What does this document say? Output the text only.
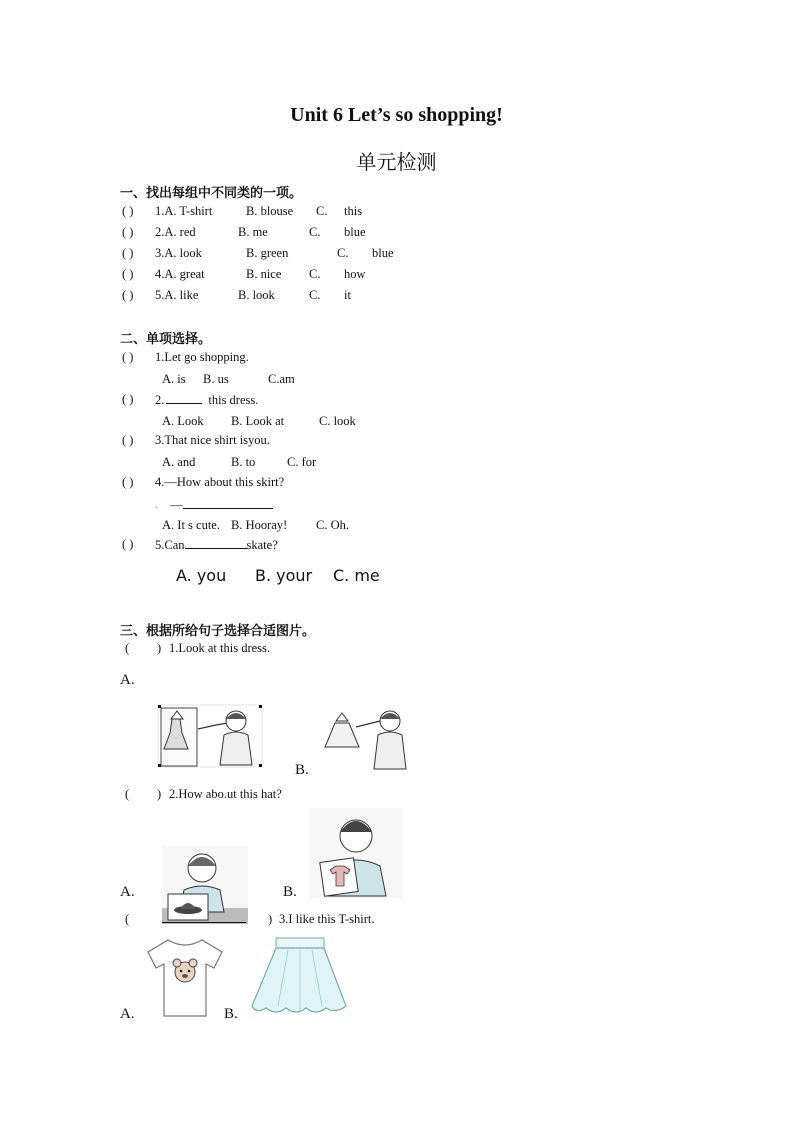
Unit 6 Let’s so shopping!
单元检测
一、找出每组中不同类的一项。
( ) 1.A. T-shirt	B. blouse C. this
( ) 2.A. red	B. me	C. blue
( ) 3.A. look	B. green	C. blue
( ) 4.A. great	B. nice C. how
( ) 5.A. like	B. look	C. it
二、单项选择。
( ) 1.Let go shopping.
A. is B. us	C.am
( ) 2.	this dress.
A. Look B. Look at	C. look
( ) 3.That nice shirt isyou.
A. and	B. to	C. for
( ) 4.—How about this skirt?
. —
A. It s cute. B. Hooray! C. Oh.
( ) 5.Can	skate?
A. you B. your C. me
三、根据所给句子选择合适图片。
( ) 1.Look at this dress.
A.
B.
( ) 2.How abo.ut this hat?
A.	B.
(	) 3.I like this T-shirt.
A.	B.
